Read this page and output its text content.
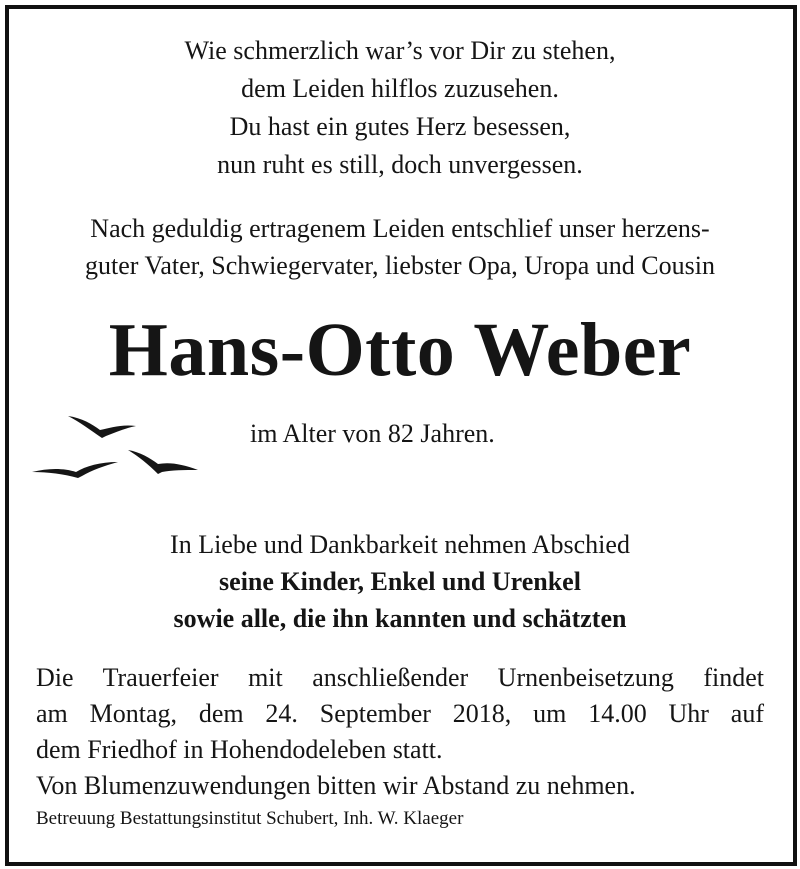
Wie schmerzlich war’s vor Dir zu stehen,
dem Leiden hilflos zuzusehen.
Du hast ein gutes Herz besessen,
nun ruht es still, doch unvergessen.
Nach geduldig ertragenem Leiden entschlief unser herzens-
guter Vater, Schwiegervater, liebster Opa, Uropa und Cousin
Hans-Otto Weber
im Alter von 82 Jahren.
In Liebe und Dankbarkeit nehmen Abschied
seine Kinder, Enkel und Urenkel
sowie alle, die ihn kannten und schätzten
Die Trauerfeier mit anschließender Urnenbeisetzung findet
am Montag, dem 24. September 2018, um 14.00 Uhr auf
dem Friedhof in Hohendodeleben statt.
Von Blumenzuwendungen bitten wir Abstand zu nehmen.
Betreuung Bestattungsinstitut Schubert, Inh. W. Klaeger
